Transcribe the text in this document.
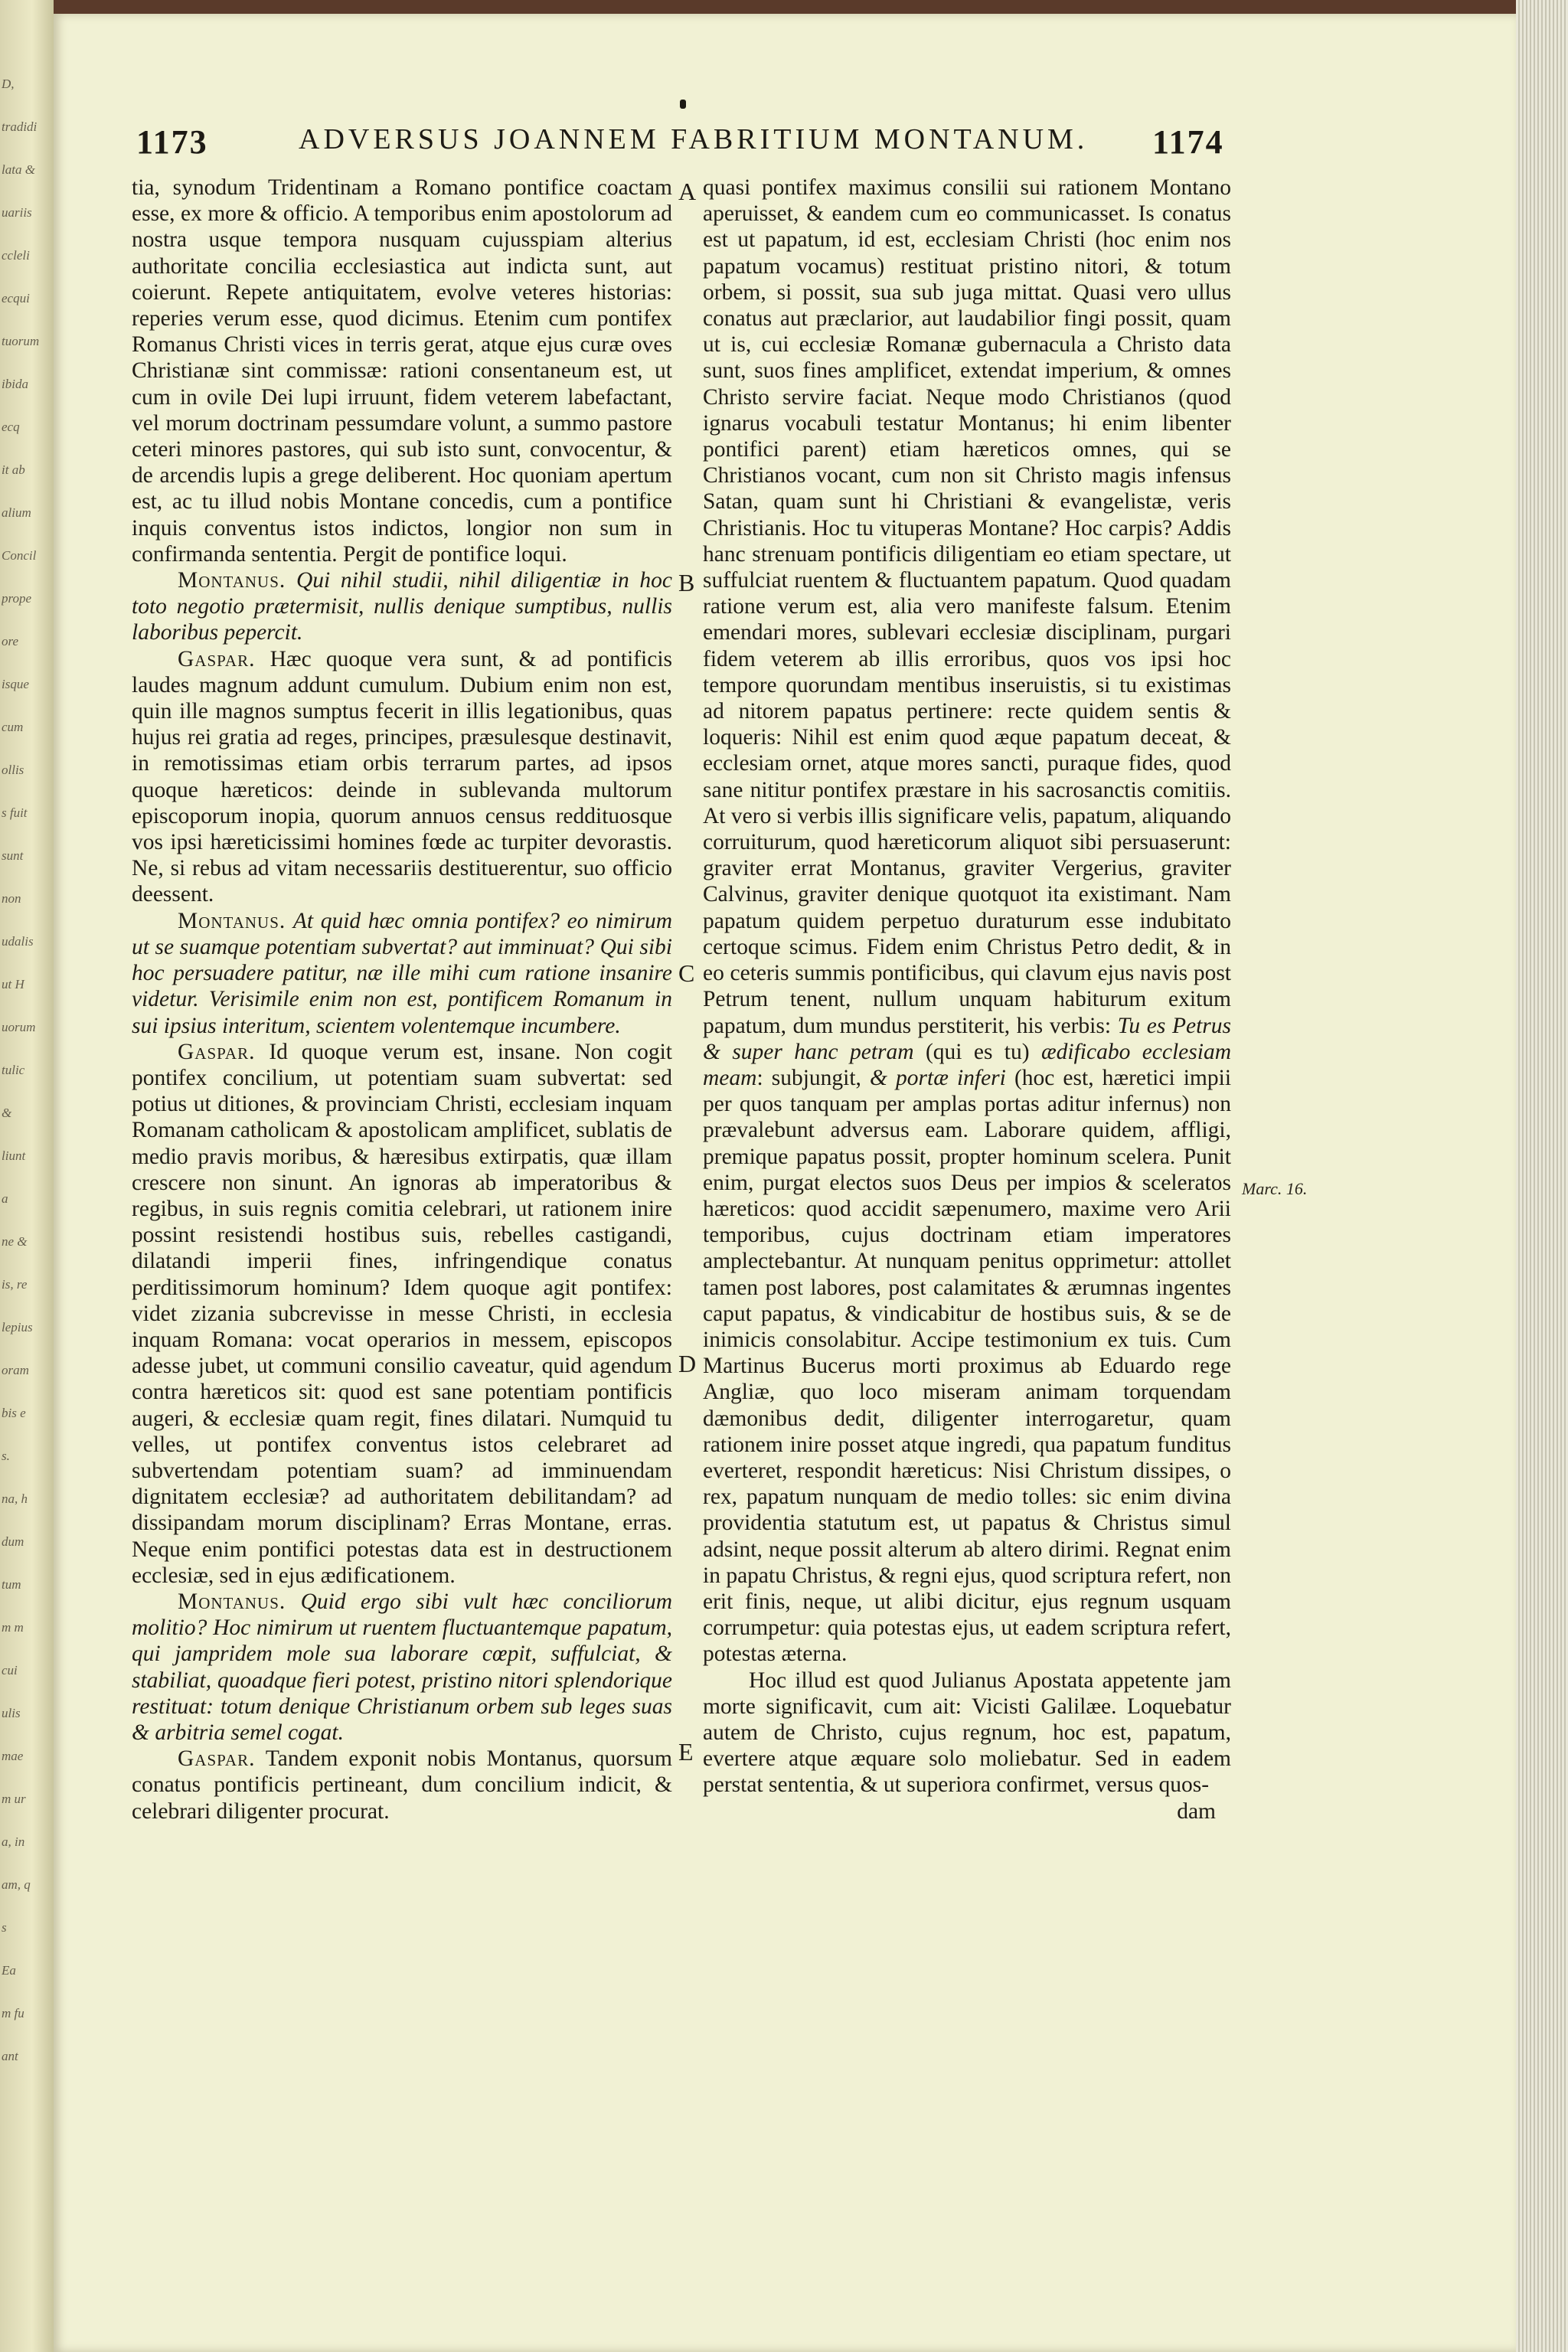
D,
tradidi
lata &
uariis
ccleli
ecqui
tuorum
ibida
ecq
it ab
alium
Concil
prope
ore
isque
cum
ollis
s fuit
sunt
non
udalis
ut H
uorum
tulic
&
liunt
a
ne &
is, re
lepius
oram
bis e
s.
na, h
dum
tum
m m
cui
ulis
mae
m ur
a, in
am, q
s
Ea
m fu
ant
1173	ADVERSUS JOANNEM FABRITIUM MONTANUM.	1174

tia, synodum Tridentinam a Romano pontifice coactam esse, ex more & officio. A temporibus enim apostolorum ad nostra usque tempora nusquam cujusspiam alterius authoritate concilia ecclesiastica aut indicta sunt, aut coierunt. Repete antiquitatem, evolve veteres historias: reperies verum esse, quod dicimus. Etenim cum pontifex Romanus Christi vices in terris gerat, atque ejus curæ oves Christianæ sint commissæ: rationi consentaneum est, ut cum in ovile Dei lupi irruunt, fidem veterem labefactant, vel morum doctrinam pessumdare volunt, a summo pastore ceteri minores pastores, qui sub isto sunt, convocentur, & de arcendis lupis a grege deliberent. Hoc quoniam apertum est, ac tu illud nobis Montane concedis, cum a pontifice inquis conventus istos indictos, longior non sum in confirmanda sententia. Pergit de pontifice loqui.

Montanus. Qui nihil studii, nihil diligentiæ in hoc toto negotio prætermisit, nullis denique sumptibus, nullis laboribus pepercit.

Gaspar. Hæc quoque vera sunt, & ad pontificis laudes magnum addunt cumulum. Dubium enim non est, quin ille magnos sumptus fecerit in illis legationibus, quas hujus rei gratia ad reges, principes, præsulesque destinavit, in remotissimas etiam orbis terrarum partes, ad ipsos quoque hæreticos: deinde in sublevanda multorum episcoporum inopia, quorum annuos census reddituosque vos ipsi hæreticissimi homines fœde ac turpiter devorastis. Ne, si rebus ad vitam necessariis destituerentur, suo officio deessent.

Montanus. At quid hæc omnia pontifex? eo nimirum ut se suamque potentiam subvertat? aut imminuat? Qui sibi hoc persuadere patitur, næ ille mihi cum ratione insanire videtur. Verisimile enim non est, pontificem Romanum in sui ipsius interitum, scientem volentemque incumbere.

Gaspar. Id quoque verum est, insane. Non cogit pontifex concilium, ut potentiam suam subvertat: sed potius ut ditiones, & provinciam Christi, ecclesiam inquam Romanam catholicam & apostolicam amplificet, sublatis de medio pravis moribus, & hæresibus extirpatis, quæ illam crescere non sinunt. An ignoras ab imperatoribus & regibus, in suis regnis comitia celebrari, ut rationem inire possint resistendi hostibus suis, rebelles castigandi, dilatandi imperii fines, infringendique conatus perditissimorum hominum? Idem quoque agit pontifex: videt zizania subcrevisse in messe Christi, in ecclesia inquam Romana: vocat operarios in messem, episcopos adesse jubet, ut communi consilio caveatur, quid agendum contra hæreticos sit: quod est sane potentiam pontificis augeri, & ecclesiæ quam regit, fines dilatari. Numquid tu velles, ut pontifex conventus istos celebraret ad subvertendam potentiam suam? ad imminuendam dignitatem ecclesiæ? ad authoritatem debilitandam? ad dissipandam morum disciplinam? Erras Montane, erras. Neque enim pontifici potestas data est in destructionem ecclesiæ, sed in ejus ædificationem.

Montanus. Quid ergo sibi vult hæc conciliorum molitio? Hoc nimirum ut ruentem fluctuantemque papatum, qui jampridem mole sua laborare cœpit, suffulciat, & stabiliat, quoadque fieri potest, pristino nitori splendorique restituat: totum denique Christianum orbem sub leges suas & arbitria semel cogat.

Gaspar. Tandem exponit nobis Montanus, quorsum conatus pontificis pertineant, dum concilium indicit, & celebrari diligenter procurat.

A
B
C
D
E

quasi pontifex maximus consilii sui rationem Montano aperuisset, & eandem cum eo communicasset. Is conatus est ut papatum, id est, ecclesiam Christi (hoc enim nos papatum vocamus) restituat pristino nitori, & totum orbem, si possit, sua sub juga mittat. Quasi vero ullus conatus aut præclarior, aut laudabilior fingi possit, quam ut is, cui ecclesiæ Romanæ gubernacula a Christo data sunt, suos fines amplificet, extendat imperium, & omnes Christo servire faciat. Neque modo Christianos (quod ignarus vocabuli testatur Montanus; hi enim libenter pontifici parent) etiam hæreticos omnes, qui se Christianos vocant, cum non sit Christo magis infensus Satan, quam sunt hi Christiani & evangelistæ, veris Christianis. Hoc tu vituperas Montane? Hoc carpis? Addis hanc strenuam pontificis diligentiam eo etiam spectare, ut suffulciat ruentem & fluctuantem papatum. Quod quadam ratione verum est, alia vero manifeste falsum. Etenim emendari mores, sublevari ecclesiæ disciplinam, purgari fidem veterem ab illis erroribus, quos vos ipsi hoc tempore quorundam mentibus inseruistis, si tu existimas ad nitorem papatus pertinere: recte quidem sentis & loqueris: Nihil est enim quod æque papatum deceat, & ecclesiam ornet, atque mores sancti, puraque fides, quod sane nititur pontifex præstare in his sacrosanctis comitiis. At vero si verbis illis significare velis, papatum, aliquando corruiturum, quod hæreticorum aliquot sibi persuaserunt: graviter errat Montanus, graviter Vergerius, graviter Calvinus, graviter denique quotquot ita existimant. Nam papatum quidem perpetuo duraturum esse indubitato certoque scimus. Fidem enim Christus Petro dedit, & in eo ceteris summis pontificibus, qui clavum ejus navis post Petrum tenent, nullum unquam habiturum exitum papatum, dum mundus perstiterit, his verbis: Tu es Petrus & super hanc petram (qui es tu) ædificabo ecclesiam meam: subjungit, & portæ inferi (hoc est, hæretici impii per quos tanquam per amplas portas aditur infernus) non prævalebunt adversus eam. Laborare quidem, affligi, premique papatus possit, propter hominum scelera. Punit enim, purgat electos suos Deus per impios & sceleratos hæreticos: quod accidit sæpenumero, maxime vero Arii temporibus, cujus doctrinam etiam imperatores amplectebantur. At nunquam penitus opprimetur: attollet tamen post labores, post calamitates & ærumnas ingentes caput papatus, & vindicabitur de hostibus suis, & se de inimicis consolabitur. Accipe testimonium ex tuis. Cum Martinus Bucerus morti proximus ab Eduardo rege Angliæ, quo loco miseram animam torquendam dæmonibus dedit, diligenter interrogaretur, quam rationem inire posset atque ingredi, qua papatum funditus everteret, respondit hæreticus: Nisi Christum dissipes, o rex, papatum nunquam de medio tolles: sic enim divina providentia statutum est, ut papatus & Christus simul adsint, neque possit alterum ab altero dirimi. Regnat enim in papatu Christus, & regni ejus, quod scriptura refert, non erit finis, neque, ut alibi dicitur, ejus regnum usquam corrumpetur: quia potestas ejus, ut eadem scriptura refert, potestas æterna.

Hoc illud est quod Julianus Apostata appetente jam morte significavit, cum ait: Vicisti Galilæe. Loquebatur autem de Christo, cujus regnum, hoc est, papatum, evertere atque æquare solo moliebatur. Sed in eadem perstat sententia, & ut superiora confirmet, versus quos-

dam

Marc. 16.
